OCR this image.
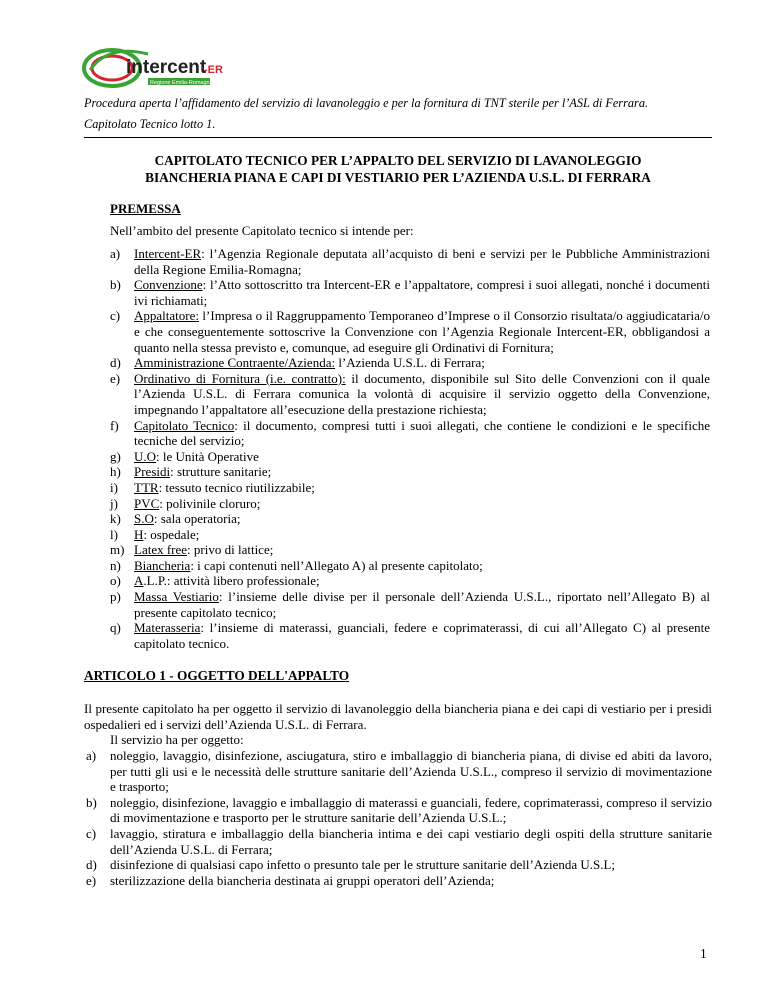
intercent
-ER
Regione Emilia-Romagna
Procedura aperta l’affidamento del servizio di lavanoleggio e per la fornitura di TNT sterile per l’ASL di Ferrara.
Capitolato Tecnico lotto 1.
CAPITOLATO TECNICO PER L’APPALTO DEL SERVIZIO DI LAVANOLEGGIO
BIANCHERIA PIANA E CAPI DI VESTIARIO PER L’AZIENDA U.S.L. DI FERRARA
PREMESSA
Nell’ambito del presente Capitolato tecnico si intende per:
a) Intercent-ER: l’Agenzia Regionale deputata all’acquisto di beni e servizi per le Pubbliche Amministrazioni della Regione Emilia-Romagna;
b) Convenzione: l’Atto sottoscritto tra Intercent-ER e l’appaltatore, compresi i suoi allegati, nonché i documenti ivi richiamati;
c) Appaltatore: l’Impresa o il Raggruppamento Temporaneo d’Imprese o il Consorzio risultata/o aggiudicataria/o e che conseguentemente sottoscrive la Convenzione con l’Agenzia Regionale Intercent-ER, obbligandosi a quanto nella stessa previsto e, comunque, ad eseguire gli Ordinativi di Fornitura;
d) Amministrazione Contraente/Azienda: l’Azienda U.S.L. di Ferrara;
e) Ordinativo di Fornitura (i.e. contratto): il documento, disponibile sul Sito delle Convenzioni con il quale l’Azienda U.S.L. di Ferrara comunica la volontà di acquisire il servizio oggetto della Convenzione, impegnando l’appaltatore all’esecuzione della prestazione richiesta;
f) Capitolato Tecnico: il documento, compresi tutti i suoi allegati, che contiene le condizioni e le specifiche tecniche del servizio;
g) U.O: le Unità Operative
h) Presidi: strutture sanitarie;
i) TTR: tessuto tecnico riutilizzabile;
j) PVC: polivinile cloruro;
k) S.O: sala operatoria;
l) H: ospedale;
m) Latex free: privo di lattice;
n) Biancheria: i capi contenuti nell’Allegato A) al presente capitolato;
o) A.L.P.: attività libero professionale;
p) Massa Vestiario: l’insieme delle divise per il personale dell’Azienda U.S.L., riportato nell’Allegato B) al presente capitolato tecnico;
q) Materasseria: l’insieme di materassi, guanciali, federe e coprimaterassi, di cui all’Allegato C) al presente capitolato tecnico.
ARTICOLO 1 - OGGETTO DELL'APPALTO
Il presente capitolato ha per oggetto il servizio di lavanoleggio della biancheria piana e dei capi di vestiario per i presidi ospedalieri ed i servizi dell’Azienda U.S.L. di Ferrara.
Il servizio ha per oggetto:
a) noleggio, lavaggio, disinfezione, asciugatura, stiro e imballaggio di biancheria piana, di divise ed abiti da lavoro, per tutti gli usi e le necessità delle strutture sanitarie dell’Azienda U.S.L., compreso il servizio di movimentazione e trasporto;
b) noleggio, disinfezione, lavaggio e imballaggio di materassi e guanciali, federe, coprimaterassi, compreso il servizio di movimentazione e trasporto per le strutture sanitarie dell’Azienda U.S.L.;
c) lavaggio, stiratura e imballaggio della biancheria intima e dei capi vestiario degli ospiti della strutture sanitarie dell’Azienda U.S.L. di Ferrara;
d) disinfezione di qualsiasi capo infetto o presunto tale per le strutture sanitarie dell’Azienda U.S.L;
e) sterilizzazione della biancheria destinata ai gruppi operatori dell’Azienda;
1
